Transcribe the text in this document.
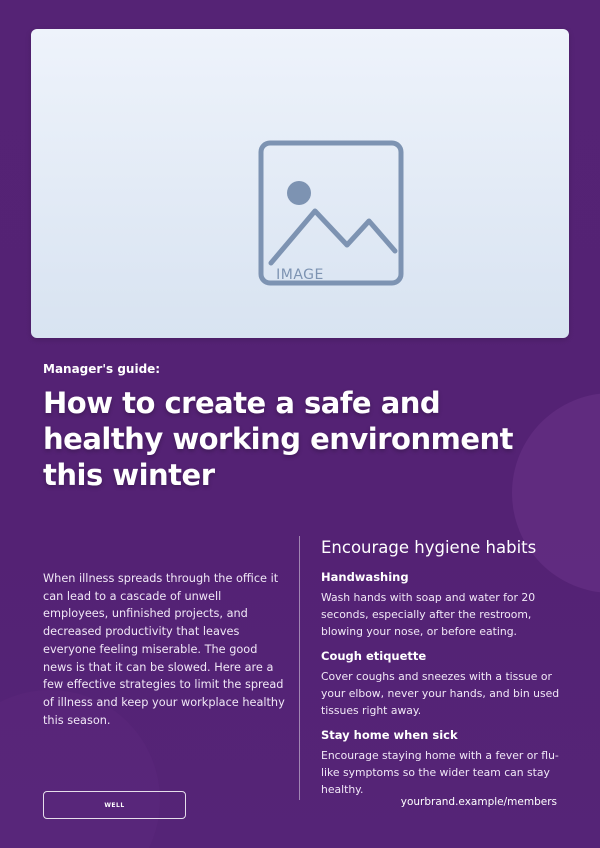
IMAGE
Manager's guide:
How to create a safe and healthy working environment this winter

When illness spreads through the office it can lead to a cascade of unwell employees, unfinished projects, and decreased productivity that leaves everyone feeling miserable. The good news is that it can be slowed. Here are a few effective strategies to limit the spread of illness and keep your workplace healthy this season.

Encourage hygiene habits
Handwashing
Wash hands with soap and water for 20 seconds, especially after the restroom, blowing your nose, or before eating.
Cough etiquette
Cover coughs and sneezes with a tissue or your elbow, never your hands, and bin used tissues right away.
Stay home when sick
Encourage staying home with a fever or flu-like symptoms so the wider team can stay healthy.
WELL	yourbrand.example/members
